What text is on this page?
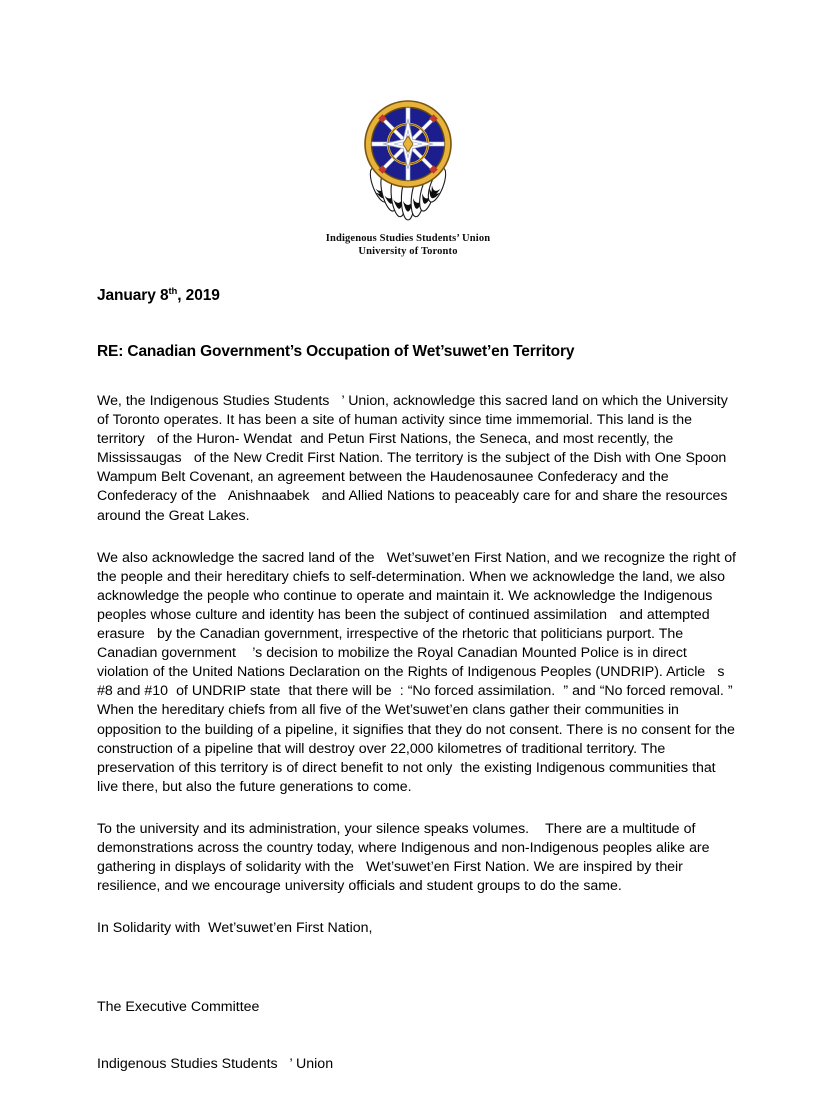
Indigenous Studies Students’ Union
University of Toronto
January 8th, 2019
RE: Canadian Government’s Occupation of Wet’suwet’en Territory

We, the Indigenous Studies Students   ’ Union, acknowledge this sacred land on which the University of Toronto operates. It has been a site of human activity since time immemorial. This land is the territory   of the Huron- Wendat  and Petun First Nations, the Seneca, and most recently, the  Mississaugas   of the New Credit First Nation. The territory is the subject of the Dish with One Spoon Wampum Belt Covenant, an agreement between the Haudenosaunee Confederacy and the Confederacy of the   Anishnaabek   and Allied Nations to peaceably care for and share the resources around the Great Lakes.

We also acknowledge the sacred land of the   Wet’suwet’en First Nation, and we recognize the right of the people and their hereditary chiefs to self-determination. When we acknowledge the land, we also acknowledge the people who continue to operate and maintain it. We acknowledge the Indigenous peoples whose culture and identity has been the subject of continued assimilation   and attempted erasure   by the Canadian government, irrespective of the rhetoric that politicians purport. The Canadian government    ’s decision to mobilize the Royal Canadian Mounted Police is in direct violation of the United Nations Declaration on the Rights of Indigenous Peoples (UNDRIP). Article   s #8 and #10  of UNDRIP state  that there will be  : “No forced assimilation.  ” and “No forced removal. ” When the hereditary chiefs from all five of the Wet’suwet’en clans gather their communities in opposition to the building of a pipeline, it signifies that they do not consent. There is no consent for the construction of a pipeline that will destroy over 22,000 kilometres of traditional territory. The preservation of this territory is of direct benefit to not only  the existing Indigenous communities that live there, but also the future generations to come.

To the university and its administration, your silence speaks volumes.    There are a multitude of demonstrations across the country today, where Indigenous and non-Indigenous peoples alike are gathering in displays of solidarity with the   Wet’suwet’en First Nation. We are inspired by their resilience, and we encourage university officials and student groups to do the same.

In Solidarity with  Wet’suwet’en First Nation,

The Executive Committee

Indigenous Studies Students   ’ Union
